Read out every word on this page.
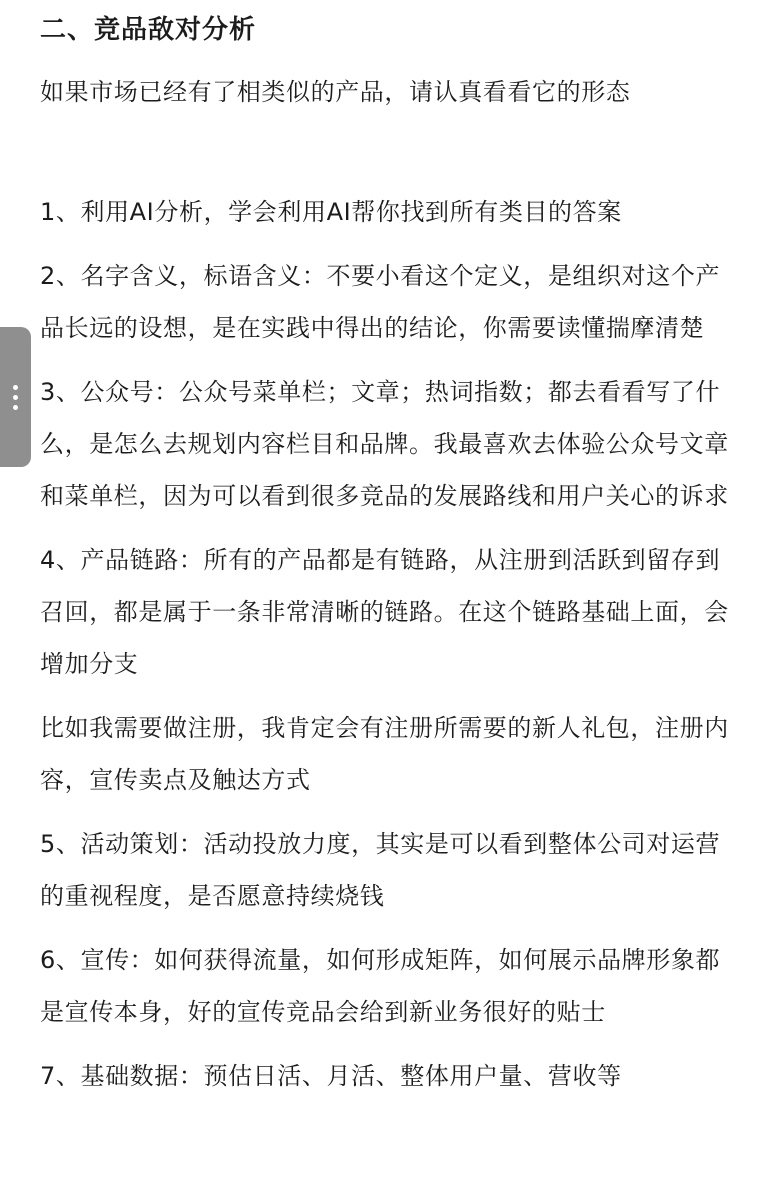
二、竞品敌对分析

如果市场已经有了相类似的产品，请认真看看它的形态

1、利用AI分析，学会利用AI帮你找到所有类目的答案

2、名字含义，标语含义：不要小看这个定义，是组织对这个产品长远的设想，是在实践中得出的结论，你需要读懂揣摩清楚

3、公众号：公众号菜单栏；文章；热词指数；都去看看写了什么，是怎么去规划内容栏目和品牌。我最喜欢去体验公众号文章和菜单栏，因为可以看到很多竞品的发展路线和用户关心的诉求

4、产品链路：所有的产品都是有链路，从注册到活跃到留存到召回，都是属于一条非常清晰的链路。在这个链路基础上面，会增加分支

比如我需要做注册，我肯定会有注册所需要的新人礼包，注册内容，宣传卖点及触达方式

5、活动策划：活动投放力度，其实是可以看到整体公司对运营的重视程度，是否愿意持续烧钱

6、宣传：如何获得流量，如何形成矩阵，如何展示品牌形象都是宣传本身，好的宣传竞品会给到新业务很好的贴士

7、基础数据：预估日活、月活、整体用户量、营收等
